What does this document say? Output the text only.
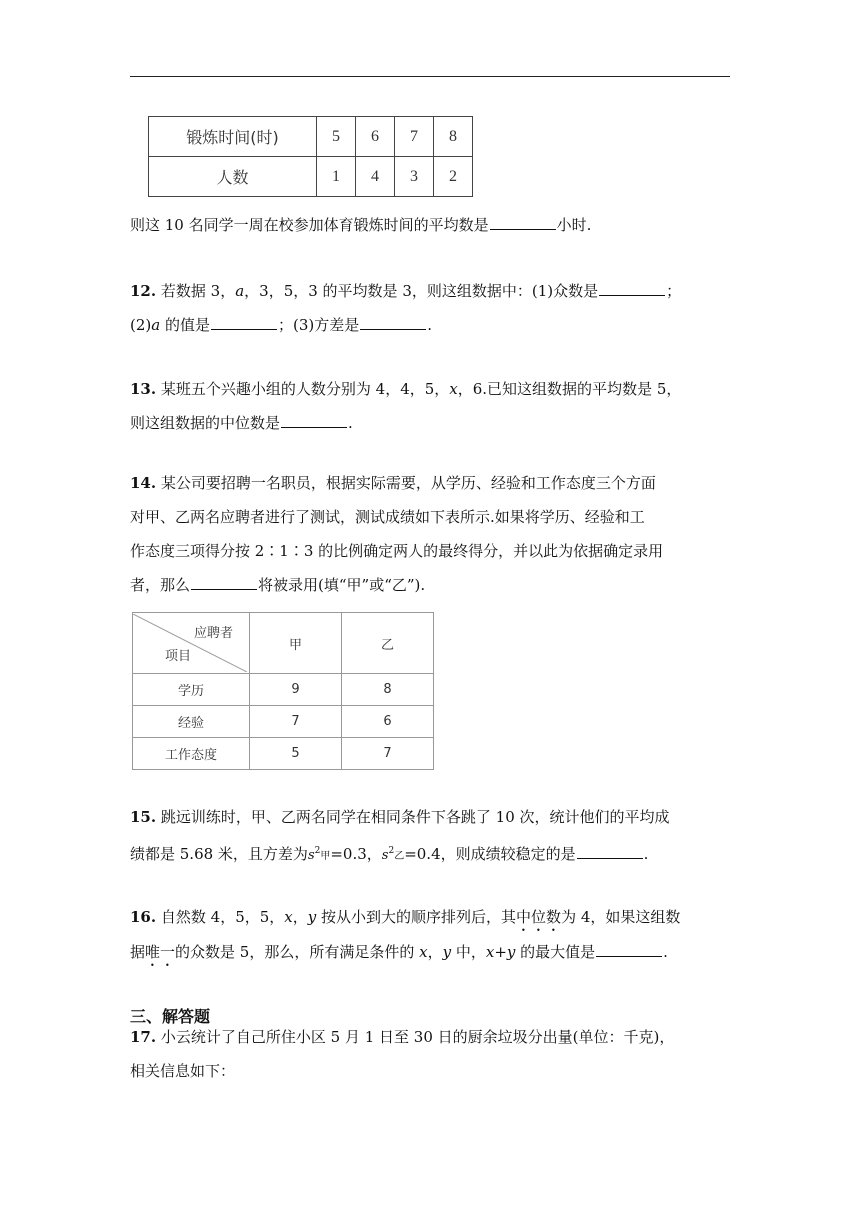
锻炼时间(时)	5	6	7	8
人数	1	4	3	2
则这 10 名同学一周在校参加体育锻炼时间的平均数是	小时.
12. 若数据 3，a，3，5，3 的平均数是 3，则这组数据中：(1)众数是	；
(2)a 的值是	；(3)方差是	.
13. 某班五个兴趣小组的人数分别为 4，4，5，x，6.已知这组数据的平均数是 5，
则这组数据的中位数是	.
14. 某公司要招聘一名职员，根据实际需要，从学历、经验和工作态度三个方面
对甲、乙两名应聘者进行了测试，测试成绩如下表所示.如果将学历、经验和工
作态度三项得分按 2∶1∶3 的比例确定两人的最终得分，并以此为依据确定录用
者，那么	将被录用(填“甲”或“乙”).
应聘者
项目	甲	乙
学历	9	8
经验	7	6
工作态度	5	7
15. 跳远训练时，甲、乙两名同学在相同条件下各跳了 10 次，统计他们的平均成
绩都是 5.68 米，且方差为$s^2$甲=0.3，$s^2$乙=0.4，则成绩较稳定的是	.
16. 自然数 4，5，5，x，y 按从小到大的顺序排列后，其中位数为 4，如果这组数
据唯一的众数是 5，那么，所有满足条件的 x，y 中，x+y 的最大值是	.
三、解答题
17. 小云统计了自己所住小区 5 月 1 日至 30 日的厨余垃圾分出量(单位：千克)，
相关信息如下：
